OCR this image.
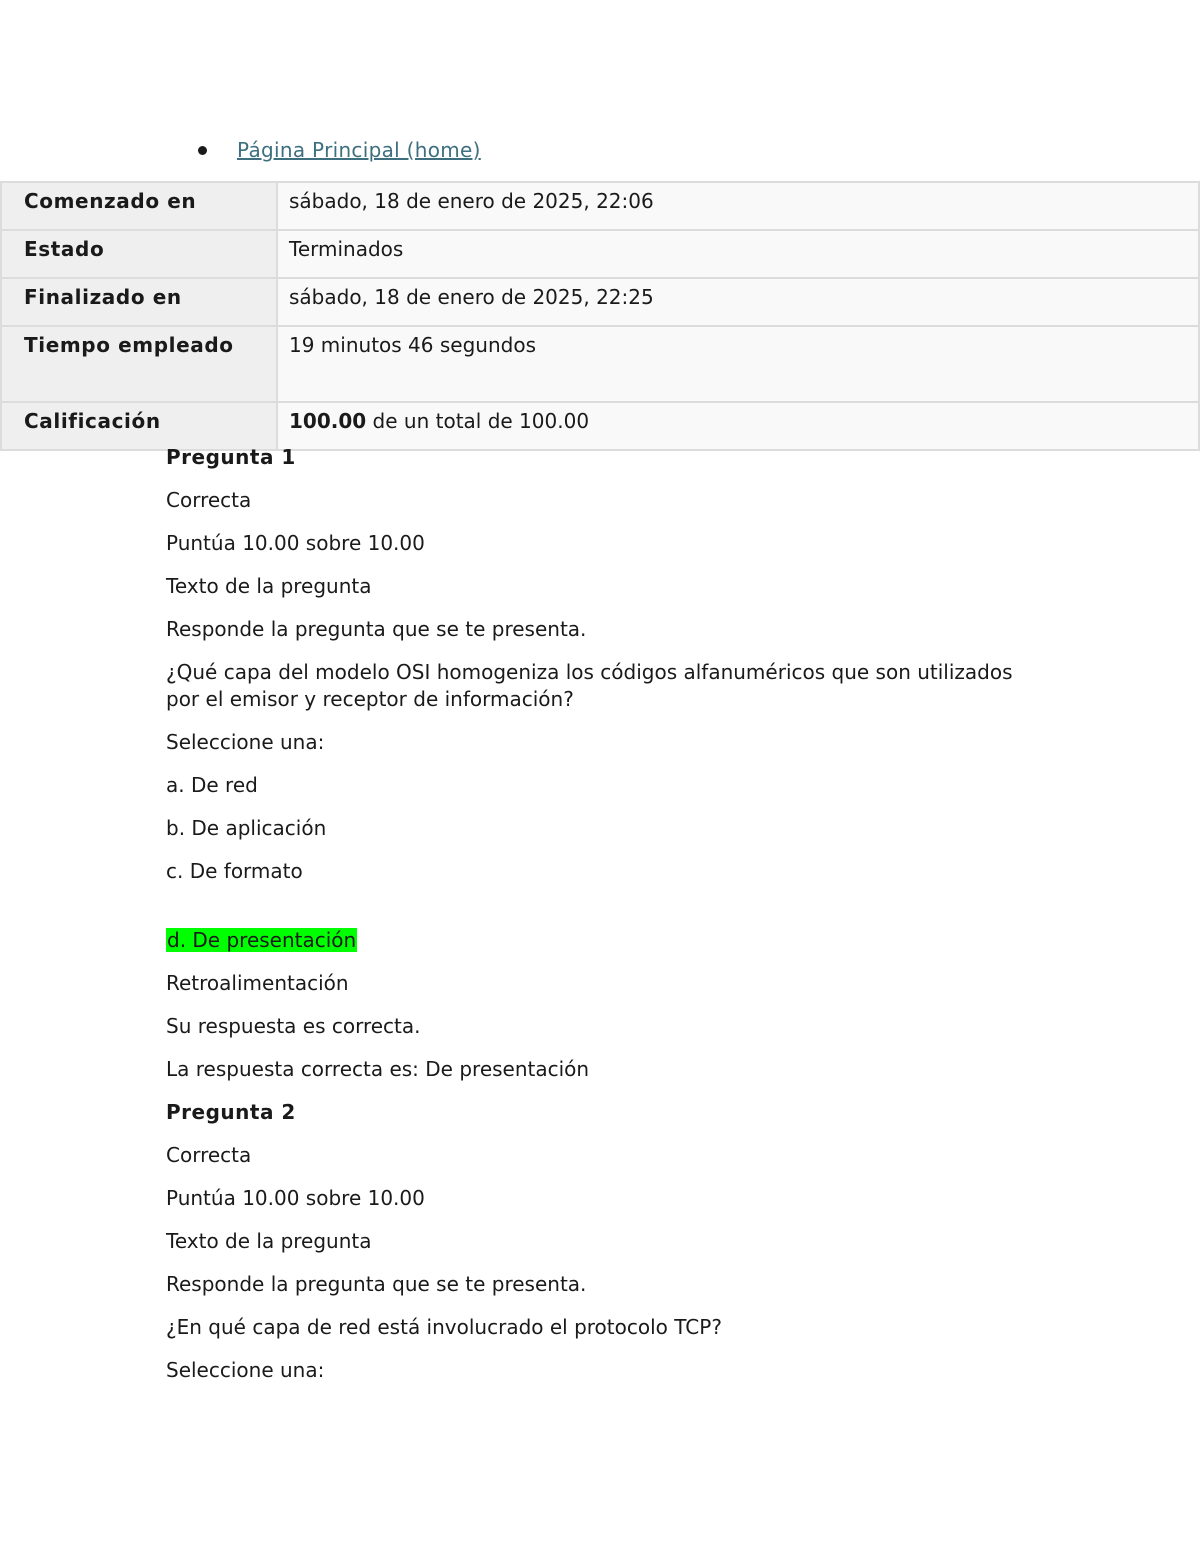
Página Principal (home)
Comenzado en	sábado, 18 de enero de 2025, 22:06
Estado	Terminados
Finalizado en	sábado, 18 de enero de 2025, 22:25
Tiempo empleado	19 minutos 46 segundos
Calificación	100.00 de un total de 100.00

Pregunta 1

Correcta

Puntúa 10.00 sobre 10.00

Texto de la pregunta

Responde la pregunta que se te presenta.

¿Qué capa del modelo OSI homogeniza los códigos alfanuméricos que son utilizados por el emisor y receptor de información?

Seleccione una:

a. De red

b. De aplicación

c. De formato

d. De presentación

Retroalimentación

Su respuesta es correcta.

La respuesta correcta es: De presentación

Pregunta 2

Correcta

Puntúa 10.00 sobre 10.00

Texto de la pregunta

Responde la pregunta que se te presenta.

¿En qué capa de red está involucrado el protocolo TCP?

Seleccione una:
